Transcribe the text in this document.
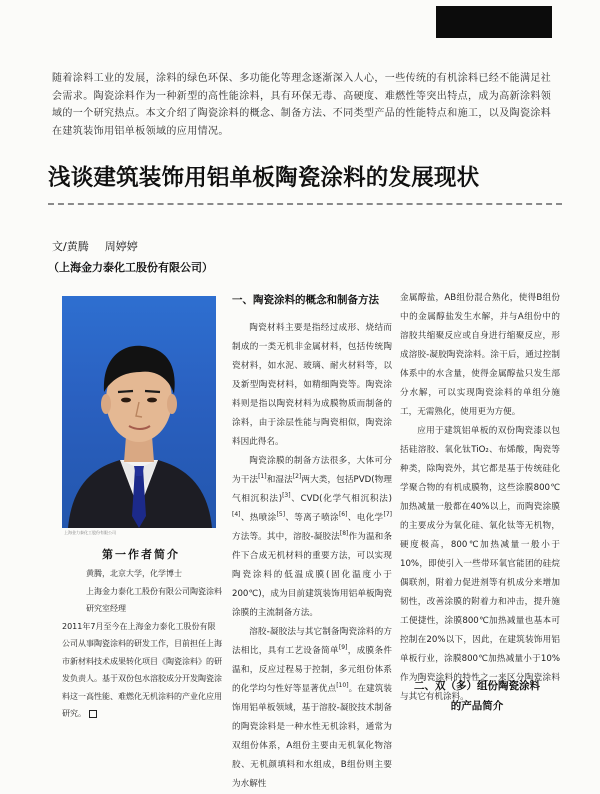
随着涂料工业的发展，涂料的绿色环保、多功能化等理念逐渐深入人心，一些传统的有机涂料已经不能满足社会需求。陶瓷涂料作为一种新型的高性能涂料，具有环保无毒、高硬度、难燃性等突出特点，成为高新涂料领域的一个研究热点。本文介绍了陶瓷涂料的概念、制备方法、不同类型产品的性能特点和施工，以及陶瓷涂料在建筑装饰用铝单板领域的应用情况。
浅谈建筑装饰用铝单板陶瓷涂料的发展现状
文/黄腾 周婷婷
（上海金力泰化工股份有限公司）
上海金力泰化工股份有限公司
第一作者简介

黄腾，北京大学，化学博士

上海金力泰化工股份有限公司陶瓷涂料研究室经理

2011年7月至今在上海金力泰化工股份有限公司从事陶瓷涂料的研发工作，目前担任上海市新材料技术成果转化项目《陶瓷涂料》的研发负责人。基于双份包水溶胶成分开发陶瓷涂料这一高性能、难燃化无机涂料的产业化应用研究。

一、陶瓷涂料的概念和制备方法

陶瓷材料主要是指经过成形、烧结而制成的一类无机非金属材料，包括传统陶瓷材料，如水泥、玻璃、耐火材料等，以及新型陶瓷材料，如精细陶瓷等。陶瓷涂料则是指以陶瓷材料为成膜物质而制备的涂料，由于涂层性能与陶瓷相似，陶瓷涂料因此得名。

陶瓷涂膜的制备方法很多，大体可分为干法[1]和湿法[2]两大类，包括PVD(物理气相沉积法)[3]、CVD(化学气相沉积法)[4]、热喷涂[5]、等离子喷涂[6]、电化学[7]方法等。其中，溶胶-凝胶法[8]作为温和条件下合成无机材料的重要方法，可以实现陶瓷涂料的低温成膜(固化温度小于200℃)，成为目前建筑装饰用铝单板陶瓷涂膜的主流制备方法。

溶胶-凝胶法与其它制备陶瓷涂料的方法相比，具有工艺设备简单[9]，成膜条件温和，反应过程易于控制，多元组份体系的化学均匀性好等显著优点[10]。在建筑装饰用铝单板领域，基于溶胶-凝胶技术制备的陶瓷涂料是一种水性无机涂料，通常为双组份体系，A组份主要由无机氧化物溶胶、无机颜填料和水组成，B组份则主要为水解性

金属醇盐，AB组份混合熟化，使得B组份中的金属醇盐发生水解，并与A组份中的溶胶共缩聚反应或自身进行缩聚反应，形成溶胶-凝胶陶瓷涂料。涂干后，通过控制体系中的水含量，使得金属醇盐只发生部分水解，可以实现陶瓷涂料的单组分施工，无需熟化，使用更为方便。

应用于建筑铝单板的双份陶瓷漆以包括硅溶胶、氧化钛TiO₂、布烯酸，陶瓷等种类，除陶瓷外，其它都是基于传统硅化学聚合物的有机成膜物，这些涂膜800℃加热减量一般都在40%以上，而陶瓷涂膜的主要成分为氧化硅、氧化钛等无机物，硬度极高，800℃加热减量一般小于10%，即使引入一些带环氧官能团的硅烷偶联剂，附着力促进剂等有机成分来增加韧性，改善涂膜的附着力和冲击，提升施工便捷性，涂膜800℃加热减量也基本可控制在20%以下，因此，在建筑装饰用铝单板行业，涂膜800℃加热减量小于10%作为陶瓷涂料的特性之一来区分陶瓷涂料与其它有机涂料。

二、双（多）组份陶瓷涂料
的产品简介
